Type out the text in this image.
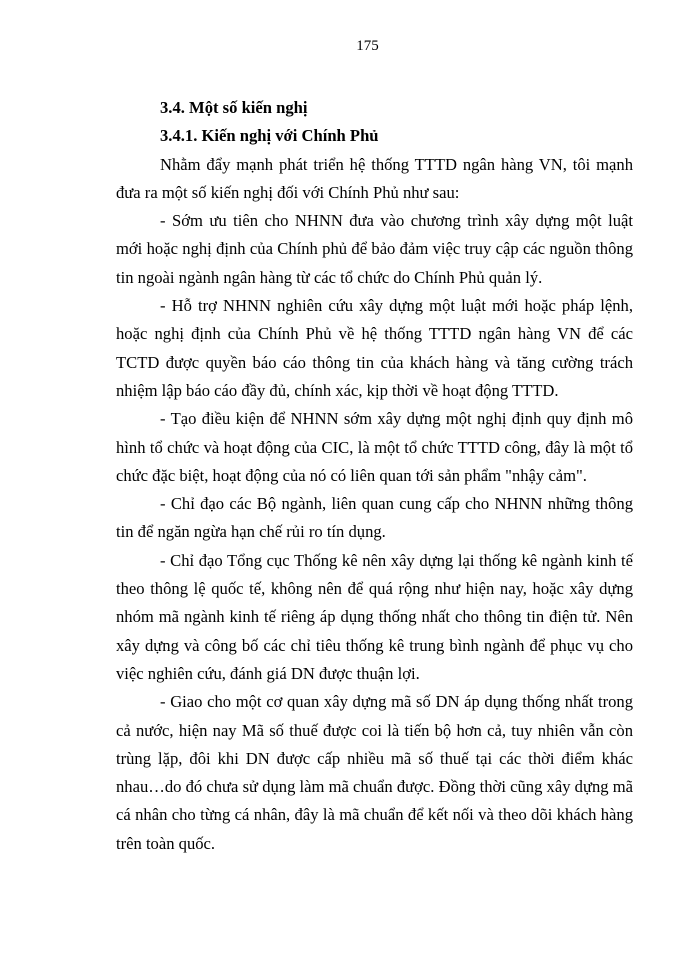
175

3.4. Một số kiến nghị

3.4.1. Kiến nghị với Chính Phủ

Nhằm đẩy mạnh phát triển hệ thống TTTD ngân hàng VN, tôi mạnh đưa ra một số kiến nghị đối với Chính Phủ như sau:

- Sớm ưu tiên cho NHNN đưa vào chương trình xây dựng một luật mới hoặc nghị định của Chính phủ để bảo đảm việc truy cập các nguồn thông tin ngoài ngành ngân hàng từ các tổ chức do Chính Phủ quản lý.

- Hỗ trợ NHNN nghiên cứu xây dựng một luật mới hoặc pháp lệnh, hoặc nghị định của Chính Phủ về hệ thống TTTD ngân hàng VN để các TCTD được quyền báo cáo thông tin của khách hàng và tăng cường trách nhiệm lập báo cáo đầy đủ, chính xác, kịp thời về hoạt động TTTD.

- Tạo điều kiện để NHNN sớm xây dựng một nghị định quy định mô hình tổ chức và hoạt động của CIC, là một tổ chức TTTD công, đây là một tổ chức đặc biệt, hoạt động của nó có liên quan tới sản phẩm "nhậy cảm".

- Chỉ đạo các Bộ ngành, liên quan cung cấp cho NHNN những thông tin để ngăn ngừa hạn chế rủi ro tín dụng.

- Chỉ đạo Tổng cục Thống kê nên xây dựng lại thống kê ngành kinh tế theo thông lệ quốc tế, không nên để quá rộng như hiện nay, hoặc xây dựng nhóm mã ngành kinh tế riêng áp dụng thống nhất cho thông tin điện tử. Nên xây dựng và công bố các chỉ tiêu thống kê trung bình ngành để phục vụ cho việc nghiên cứu, đánh giá DN được thuận lợi.

- Giao cho một cơ quan xây dựng mã số DN áp dụng thống nhất trong cả nước, hiện nay Mã số thuế được coi là tiến bộ hơn cả, tuy nhiên vẫn còn trùng lặp, đôi khi DN được cấp nhiều mã số thuế tại các thời điểm khác nhau…do đó chưa sử dụng làm mã chuẩn được. Đồng thời cũng xây dựng mã cá nhân cho từng cá nhân, đây là mã chuẩn để kết nối và theo dõi khách hàng trên toàn quốc.
